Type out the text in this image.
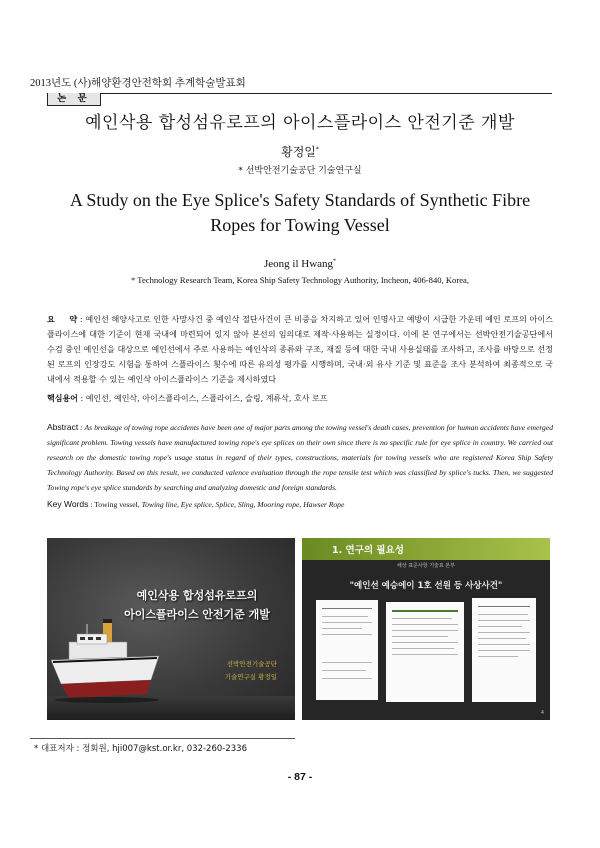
2013년도 (사)해양환경안전학회 추계학술발표회
논 문
예인삭용 합성섬유로프의 아이스플라이스 안전기준 개발
황정일*
* 선박안전기술공단 기술연구실
A Study on the Eye Splice's Safety Standards of Synthetic Fibre Ropes for Towing Vessel
Jeong il Hwang*
* Technology Research Team, Korea Ship Safety Technology Authority, Incheon, 406-840, Korea,
요     약 : 예인선 해양사고로 인한 사망사건 중 예인삭 절단사건이 큰 비중을 차지하고 있어 인명사고 예방이 시급한 가운데 예인 로프의 아이스플라이스에 대한 기준이 현재 국내에 마련되어 있지 않아 본선의 임의대로 제작·사용하는 실정이다. 이에 본 연구에서는 선박안전기술공단에서 수검 중인 예인선을 대상으로 예인선에서 주로 사용하는 예인삭의 종류와 구조, 재질 등에 대한 국내 사용실태를 조사하고, 조사를 바탕으로 선정된 로프의 인장강도 시험을 통하여 스플라이스 횟수에 따른 유의성 평가를 시행하며, 국내·외 유사 기준 및 표준을 조사 분석하여 최종적으로 국내에서 적용할 수 있는 예인삭 아이스플라이스 기준을 제시하였다
핵심용어 : 예인선, 예인삭, 아이스플라이스, 스플라이스, 슬링, 계류삭, 호사 로프
Abstract : As breakage of towing rope accidents have been one of major parts among the towing vessel's death cases, prevention for human accidents have emerged significant problem. Towing vessels have manufactured towing rope's eye splices on their own since there is no specific rule for eye splice in country. We carried out research on the domestic towing rope's usage status in regard of their types, constructions, materials for towing vessels who are registered Korea Ship Safety Technology Authority. Based on this result, we conducted valence evaluation through the rope tensile test which was classified by splice's tucks. Then, we suggested Towing rope's eye splice standards by searching and analyzing domestic and foreign standards.
Key Words : Towing vessel, Towing line, Eye splice, Splice, Sling, Mooring rope, Hawser Rope
예인삭용 합성섬유로프의
아이스플라이스 안전기준 개발
선박안전기술공단
기술연구실 황정일
1. 연구의 필요성
해상 표준사항 기술표 본부
"예인선 예승에이 1호 선원 등 사상사건"
4
* 대표저자 : 정회원, hji007@kst.or.kr, 032-260-2336
- 87 -
